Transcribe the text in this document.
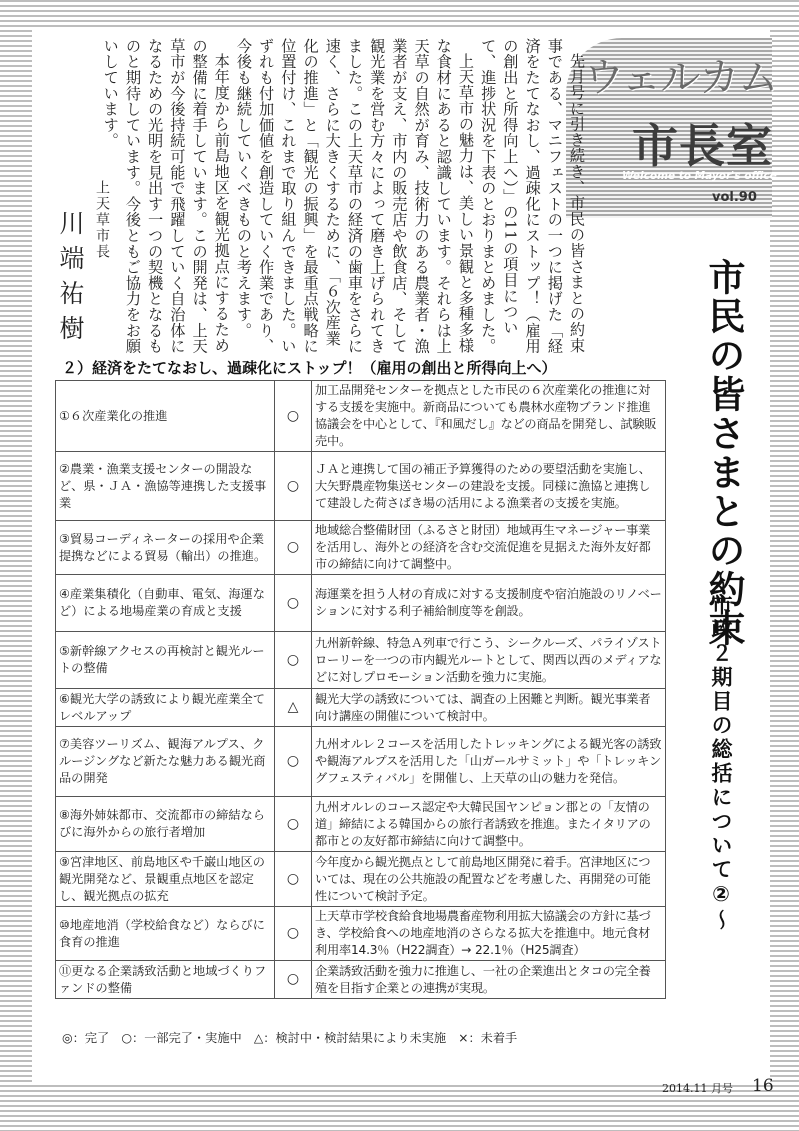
ウェルカム
市長室
Welcome to Mayor's office
vol.90

先月号に引き続き、市民の皆さまとの約束事である、マニフェストの一つに掲げた「経済をたてなおし、過疎化にストップ！（雇用の創出と所得向上へ）」の11の項目について、進捗状況を下表のとおりまとめました。

上天草市の魅力は、美しい景観と多種多様な食材にあると認識しています。それらは上天草の自然が育み、技術力のある農業者・漁業者が支え、市内の販売店や飲食店、そして観光業を営む方々によって磨き上げられてきました。この上天草市の経済の歯車をさらに速く、さらに大きくするために、「６次産業化の推進」と「観光の振興」を最重点戦略に位置付け、これまで取り組んできました。いずれも付加価値を創造していく作業であり、今後も継続していくべきものと考えます。

本年度から前島地区を観光拠点にするための整備に着手しています。この開発は、上天草市が今後持続可能で飛躍していく自治体になるための光明を見出す一つの契機となるものと期待しています。今後ともご協力をお願いしています。

上天草市長
川端祐樹	市民の皆さまとの約束
～市政２期目の総括について②～
２）経済をたてなおし、過疎化にストップ！（雇用の創出と所得向上へ）
①６次産業化の推進	○	加工品開発センターを拠点とした市民の６次産業化の推進に対する支援を実施中。新商品についても農林水産物ブランド推進協議会を中心として、『和風だし』などの商品を開発し、試験販売中。
②農業・漁業支援センターの開設など、県・ＪＡ・漁協等連携した支援事業	○	ＪＡと連携して国の補正予算獲得のための要望活動を実施し、大矢野農産物集送センターの建設を支援。同様に漁協と連携して建設した荷さばき場の活用による漁業者の支援を実施。
③貿易コーディネーターの採用や企業提携などによる貿易（輸出）の推進。	○	地域総合整備財団（ふるさと財団）地域再生マネージャー事業を活用し、海外との経済を含む交流促進を見据えた海外友好都市の締結に向けて調整中。
④産業集積化（自動車、電気、海運など）による地場産業の育成と支援	○	海運業を担う人材の育成に対する支援制度や宿泊施設のリノベーションに対する利子補給制度等を創設。
⑤新幹線アクセスの再検討と観光ルートの整備	○	九州新幹線、特急Ａ列車で行こう、シークルーズ、パライゾストローリーを一つの市内観光ルートとして、関西以西のメディアなどに対しプロモーション活動を強力に実施。
⑥観光大学の誘致により観光産業全てレベルアップ	△	観光大学の誘致については、調査の上困難と判断。観光事業者向け講座の開催について検討中。
⑦美容ツーリズム、観海アルプス、クルージングなど新たな魅力ある観光商品の開発	○	九州オルレ２コースを活用したトレッキングによる観光客の誘致や観海アルプスを活用した「山ガールサミット」や「トレッキングフェスティバル」を開催し、上天草の山の魅力を発信。
⑧海外姉妹都市、交流都市の締結ならびに海外からの旅行者増加	○	九州オルレのコース認定や大韓民国ヤンピョン郡との「友情の道」締結による韓国からの旅行者誘致を推進。またイタリアの都市との友好都市締結に向けて調整中。
⑨宮津地区、前島地区や千巌山地区の観光開発など、景観重点地区を認定し、観光拠点の拡充	○	今年度から観光拠点として前島地区開発に着手。宮津地区については、現在の公共施設の配置などを考慮した、再開発の可能性について検討予定。
⑩地産地消（学校給食など）ならびに食育の推進	○	上天草市学校食給食地場農畜産物利用拡大協議会の方針に基づき、学校給食への地産地消のさらなる拡大を推進中。地元食材利用率14.3％（H22調査）→ 22.1％（H25調査）
⑪更なる企業誘致活動と地域づくりファンドの整備	○	企業誘致活動を強力に推進し、一社の企業進出とタコの完全養殖を目指す企業との連携が実現。
◎：完了　○：一部完了・実施中　△：検討中・検討結果により未実施　×：未着手
2014.11 月号 16
